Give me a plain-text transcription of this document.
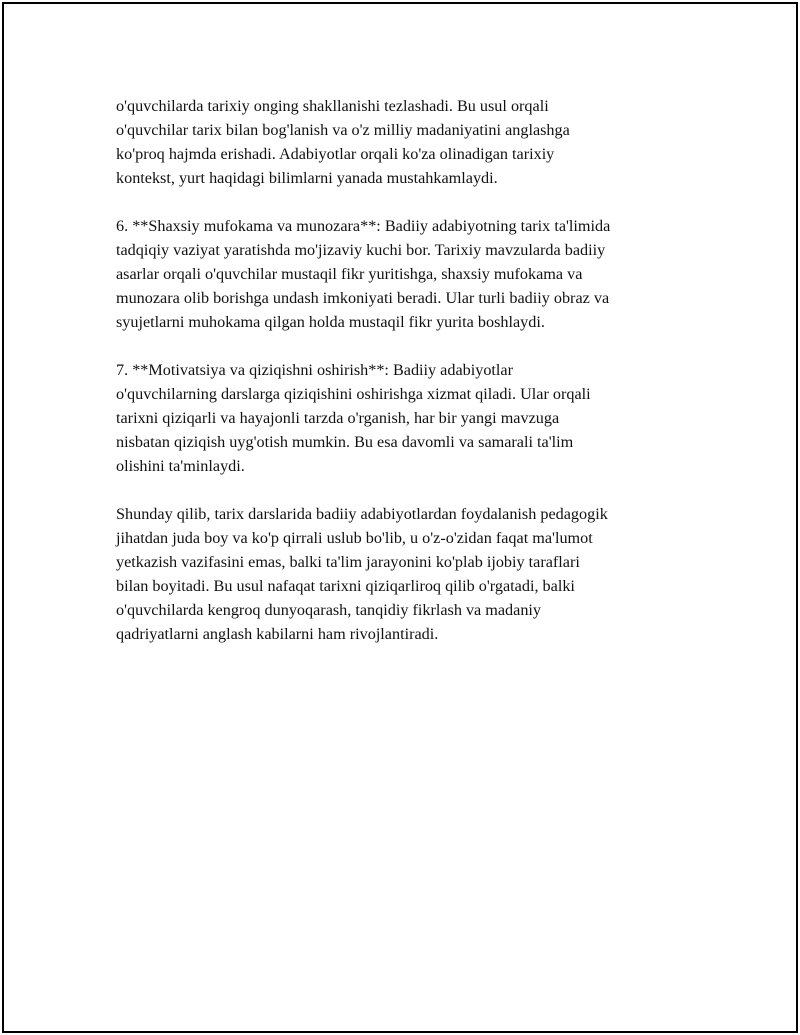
o'quvchilarda tarixiy onging shakllanishi tezlashadi. Bu usul orqali
o'quvchilar tarix bilan bog'lanish va o'z milliy madaniyatini anglashga
ko'proq hajmda erishadi. Adabiyotlar orqali ko'za olinadigan tarixiy
kontekst, yurt haqidagi bilimlarni yanada mustahkamlaydi.

6. **Shaxsiy mufokama va munozara**: Badiiy adabiyotning tarix ta'limida
tadqiqiy vaziyat yaratishda mo'jizaviy kuchi bor. Tarixiy mavzularda badiiy
asarlar orqali o'quvchilar mustaqil fikr yuritishga, shaxsiy mufokama va
munozara olib borishga undash imkoniyati beradi. Ular turli badiiy obraz va
syujetlarni muhokama qilgan holda mustaqil fikr yurita boshlaydi.

7. **Motivatsiya va qiziqishni oshirish**: Badiiy adabiyotlar
o'quvchilarning darslarga qiziqishini oshirishga xizmat qiladi. Ular orqali
tarixni qiziqarli va hayajonli tarzda o'rganish, har bir yangi mavzuga
nisbatan qiziqish uyg'otish mumkin. Bu esa davomli va samarali ta'lim
olishini ta'minlaydi.

Shunday qilib, tarix darslarida badiiy adabiyotlardan foydalanish pedagogik
jihatdan juda boy va ko'p qirrali uslub bo'lib, u o'z-o'zidan faqat ma'lumot
yetkazish vazifasini emas, balki ta'lim jarayonini ko'plab ijobiy taraflari
bilan boyitadi. Bu usul nafaqat tarixni qiziqarliroq qilib o'rgatadi, balki
o'quvchilarda kengroq dunyoqarash, tanqidiy fikrlash va madaniy
qadriyatlarni anglash kabilarni ham rivojlantiradi.
